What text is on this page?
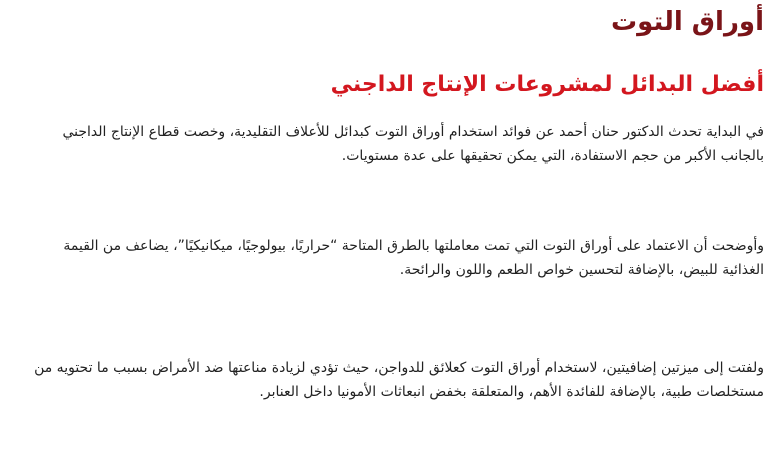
أوراق التوت
أفضل البدائل لمشروعات الإنتاج الداجني

في البداية تحدث الدكتور حنان أحمد عن فوائد استخدام أوراق التوت كبدائل للأعلاف التقليدية، وخصت قطاع الإنتاج الداجني بالجانب الأكبر من حجم الاستفادة، التي يمكن تحقيقها على عدة مستويات.

وأوضحت أن الاعتماد على أوراق التوت التي تمت معاملتها بالطرق المتاحة “حراريًا، بيولوجيًا، ميكانيكيًا”، يضاعف من القيمة الغذائية للبيض، بالإضافة لتحسين خواص الطعم واللون والرائحة.

ولفتت إلى ميزتين إضافيتين، لاستخدام أوراق التوت كعلائق للدواجن، حيث تؤدي لزيادة مناعتها ضد الأمراض بسبب ما تحتويه من مستخلصات طبية، بالإضافة للفائدة الأهم، والمتعلقة بخفض انبعاثات الأمونيا داخل العنابر.
